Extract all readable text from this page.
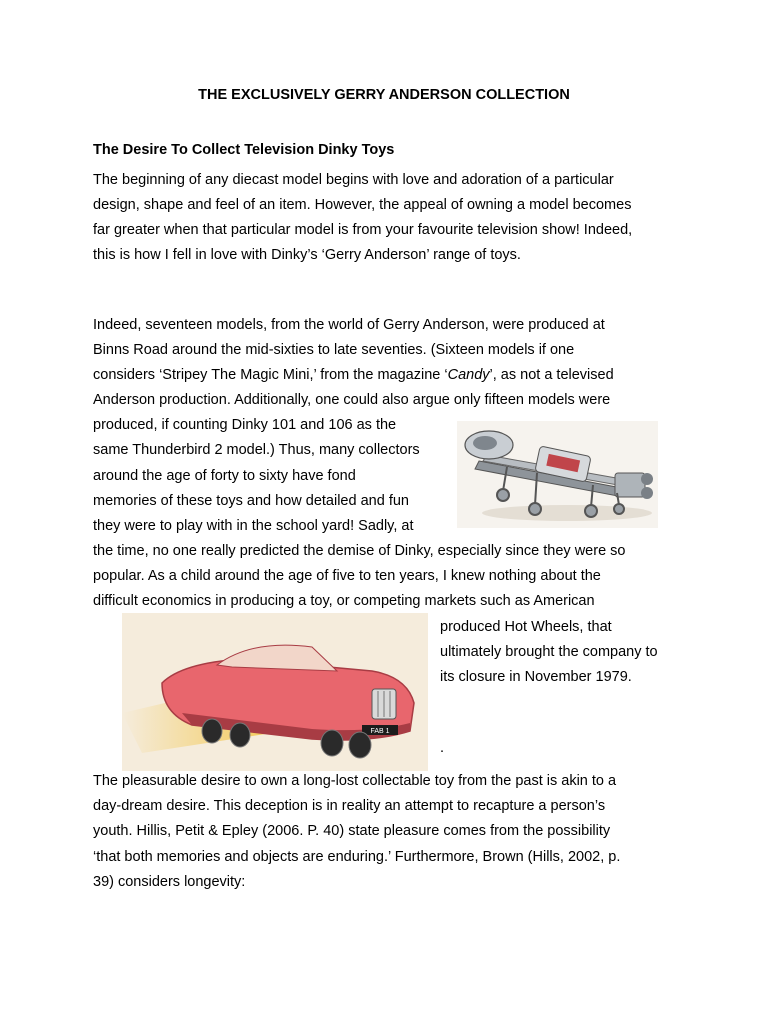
THE EXCLUSIVELY GERRY ANDERSON COLLECTION
The Desire To Collect Television Dinky Toys
The beginning of any diecast model begins with love and adoration of a particular
design, shape and feel of an item. However, the appeal of owning a model becomes
far greater when that particular model is from your favourite television show! Indeed,
this is how I fell in love with Dinky’s ‘Gerry Anderson’ range of toys.
Indeed, seventeen models, from the world of Gerry Anderson, were produced at
Binns Road around the mid-sixties to late seventies. (Sixteen models if one
considers ‘Stripey The Magic Mini,’ from the magazine ‘Candy’, as not a televised
Anderson production. Additionally, one could also argue only fifteen models were
produced, if counting Dinky 101 and 106 as the
same Thunderbird 2 model.) Thus, many collectors
around the age of forty to sixty have fond
memories of these toys and how detailed and fun
they were to play with in the school yard! Sadly, at
the time, no one really predicted the demise of Dinky, especially since they were so
popular. As a child around the age of five to ten years, I knew nothing about the
difficult economics in producing a toy, or competing markets such as American
produced Hot Wheels, that
ultimately brought the company to
its closure in November 1979.
.
The pleasurable desire to own a long-lost collectable toy from the past is akin to a
day-dream desire. This deception is in reality an attempt to recapture a person’s
youth. Hillis, Petit & Epley (2006. P. 40) state pleasure comes from the possibility
‘that both memories and objects are enduring.’ Furthermore, Brown (Hills, 2002, p.
39) considers longevity:
FAB 1
